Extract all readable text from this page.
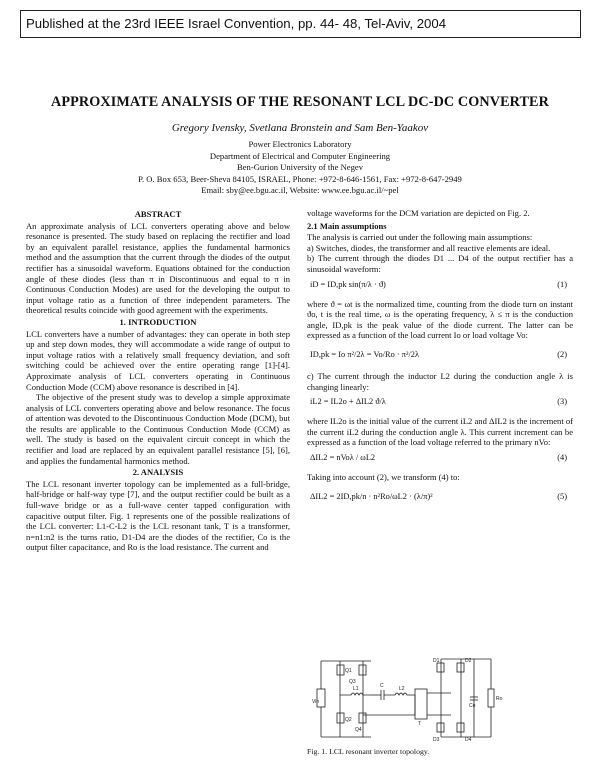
Published at the 23rd IEEE Israel Convention, pp. 44- 48, Tel-Aviv, 2004
APPROXIMATE ANALYSIS OF THE RESONANT LCL DC-DC CONVERTER
Gregory Ivensky, Svetlana Bronstein and Sam Ben-Yaakov
Power Electronics Laboratory
Department of Electrical and Computer Engineering
Ben-Gurion University of the Negev
P. O. Box 653, Beer-Sheva 84105, ISRAEL, Phone: +972-8-646-1561, Fax: +972-8-647-2949
Email: sby@ee.bgu.ac.il, Website: www.ee.bgu.ac.il/~pel
ABSTRACT

An approximate analysis of LCL converters operating above and below resonance is presented. The study based on replacing the rectifier and load by an equivalent parallel resistance, applies the fundamental harmonics method and the assumption that the current through the diodes of the output rectifier has a sinusoidal waveform. Equations obtained for the conduction angle of these diodes (less than π in Discontinuous and equal to π in Continuous Conduction Modes) are used for the developing the output to input voltage ratio as a function of three independent parameters. The theoretical results coincide with good agreement with the experiments.

1. INTRODUCTION

LCL converters have a number of advantages: they can operate in both step up and step down modes, they will accommodate a wide range of output to input voltage ratios with a relatively small frequency deviation, and soft switching could be achieved over the entire operating range [1]-[4]. Approximate analysis of LCL converters operating in Continuous Conduction Mode (CCM) above resonance is described in [4].

The objective of the present study was to develop a simple approximate analysis of LCL converters operating above and below resonance. The focus of attention was devoted to the Discontinuous Conduction Mode (DCM), but the results are applicable to the Continuous Conduction Mode (CCM) as well. The study is based on the equivalent circuit concept in which the rectifier and load are replaced by an equivalent parallel resistance [5], [6], and applies the fundamental harmonics method.

2. ANALYSIS

The LCL resonant inverter topology can be implemented as a full-bridge, half-bridge or half-way type [7], and the output rectifier could be built as a full-wave bridge or as a full-wave center tapped configuration with capacitive output filter. Fig. 1 represents one of the possible realizations of the LCL converter: L1-C-L2 is the LCL resonant tank, T is a transformer, n=n1:n2 is the turns ratio, D1-D4 are the diodes of the rectifier, Co is the output filter capacitance, and Ro is the load resistance. The current and

voltage waveforms for the DCM variation are depicted on Fig. 2.

2.1 Main assumptions

The analysis is carried out under the following main assumptions:

a) Switches, diodes, the transformer and all reactive elements are ideal.

b) The current through the diodes D1 ... D4 of the output rectifier has a sinusoidal waveform:

iD = ID,pk sin(π/λ · ϑ)	(1)

where ϑ = ωt is the normalized time, counting from the diode turn on instant ϑo, t is the real time, ω is the operating frequency, λ ≤ π is the conduction angle, ID,pk is the peak value of the diode current. The latter can be expressed as a function of the load current Io or load voltage Vo:

ID,pk = Io π²/2λ = Vo/Ro · π²/2λ	(2)

c) The current through the inductor L2 during the conduction angle λ is changing linearly:

iL2 = IL2o + ΔIL2 ϑ/λ	(3)

where IL2o is the initial value of the current iL2 and ΔIL2 is the increment of the current iL2 during the conduction angle λ. This current increment can be expressed as a function of the load voltage referred to the primary nVo:

ΔIL2 = nVoλ / ωL2	(4)

Taking into account (2), we transform (4) to:

ΔIL2 = 2ID,pk/n · n²Ro/ωL2 · (λ/π)²	(5)
Vin
Q1
Q2
Q3
Q4
L1	C	L2
T
D1	D2
D3	D4
Co
Ro
Fig. 1. LCL resonant inverter topology.
